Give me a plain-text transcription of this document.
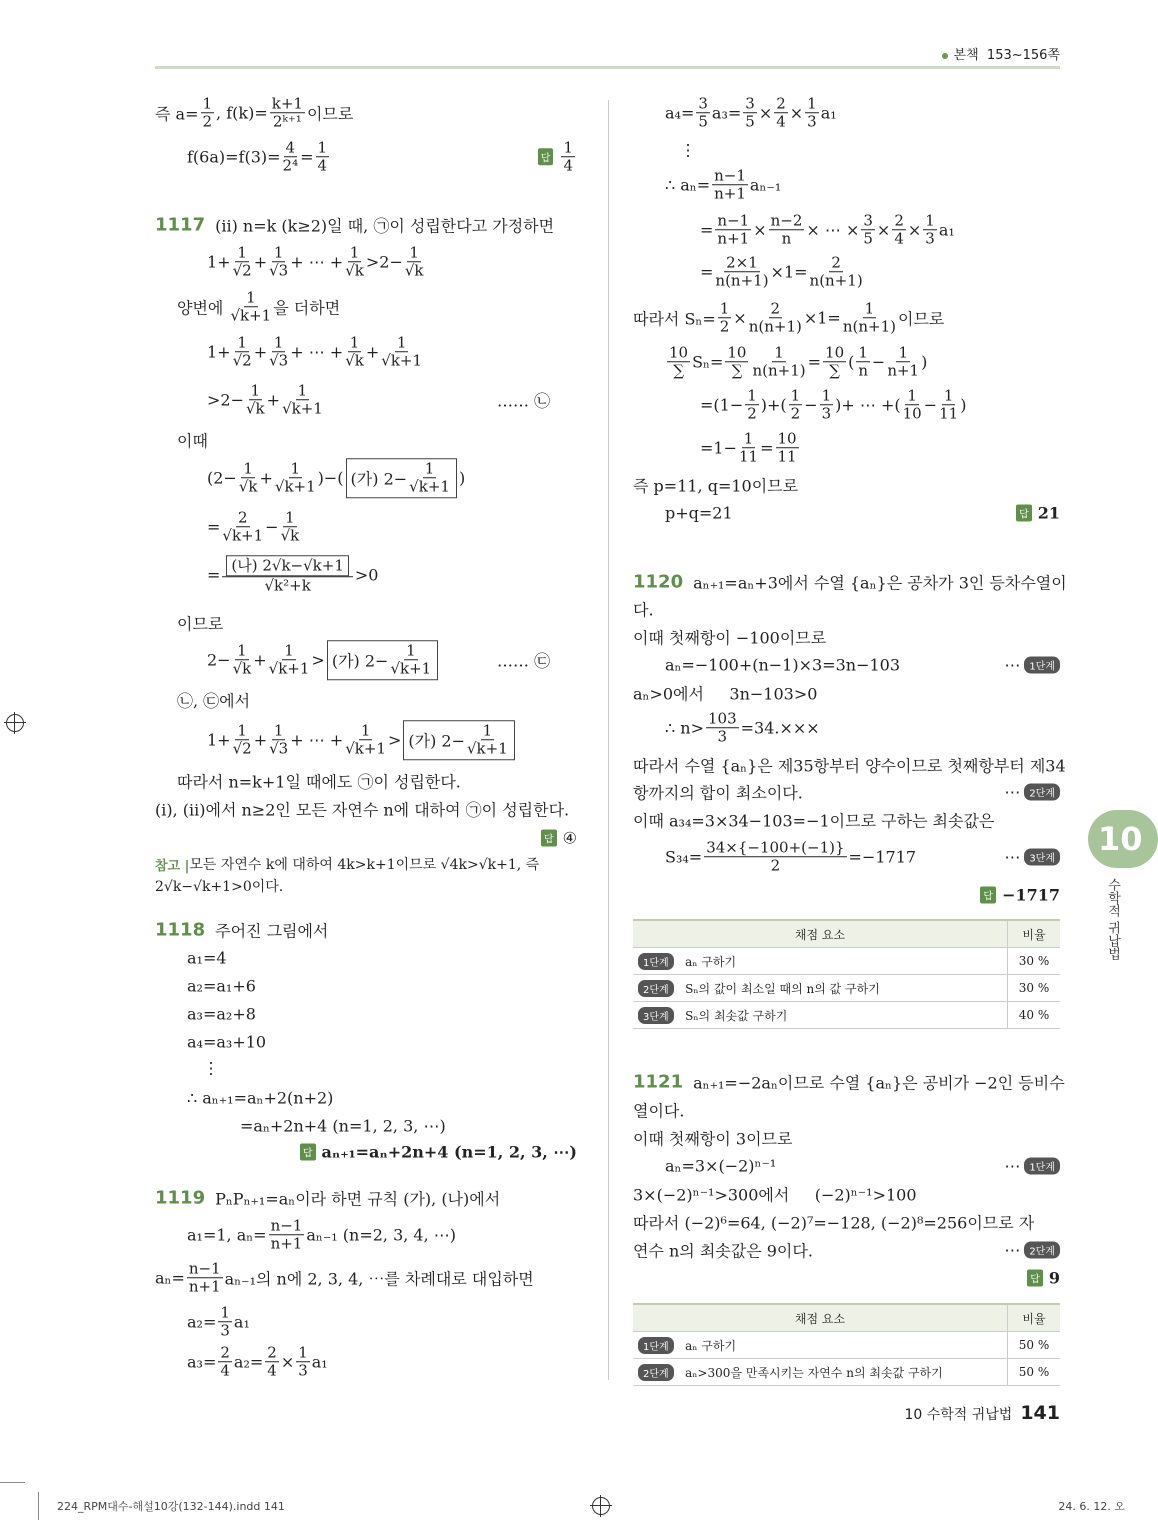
본책 153~156쪽
즉 $a= \frac{1}{2}$ , $f(k)= \frac{k+1}{\text{2ᵏ⁺¹}}$ 이므로
$f(6a)=f(3)= \frac{4}{\text{2⁴}} = \frac{1}{4}$	답 $\frac{1}{4}$
1117 (ii) n=k (k≥2)일 때, ㉠이 성립한다고 가정하면
$1+ \frac{1}{√2} + \frac{1}{√3}$ + ⋯ + $\frac{1}{√k} >2- \frac{1}{√k}$
양변에 $\frac{1}{√k+1}$ 을 더하면
$1+ \frac{1}{√2} + \frac{1}{√3}$ + ⋯ + $\frac{1}{√k} + \frac{1}{√k+1}$
$>2- \frac{1}{√k} + \frac{1}{√k+1}$	…… ㉡
이때
($2- \frac{1}{√k} + \frac{1}{√k+1}$ )−( (가) $2- \frac{1}{√k+1}$ )
= $\frac{2}{√k+1} - \frac{1}{√k}$
= $\frac{\text{(나) 2√k−√k+1}}{\text{√k²+k}} >0$
이므로
$2- \frac{1}{√k} + \frac{1}{√k+1}$ > (가) $2- \frac{1}{√k+1}$	…… ㉢
㉡, ㉢에서
$1+ \frac{1}{√2} + \frac{1}{√3}$ + ⋯ + $\frac{1}{√k+1}$ > (가) $2- \frac{1}{√k+1}$
따라서 n=k+1일 때에도 ㉠이 성립한다.
(i), (ii)에서 n≥2인 모든 자연수 n에 대하여 ㉠이 성립한다.
답 ④
참고 | 모든 자연수 k에 대하여 4k>k+1이므로 √4k>√k+1, 즉
2√k−√k+1>0이다.
1118 주어진 그림에서
a₁=4
a₂=a₁+6
a₃=a₂+8
a₄=a₃+10
⋮
∴ aₙ₊₁=aₙ+2(n+2)
=aₙ+2n+4 (n=1, 2, 3, ⋯)
답 aₙ₊₁=aₙ+2n+4 (n=1, 2, 3, ⋯)
1119 PₙPₙ₊₁=aₙ이라 하면 규칙 (가), (나)에서
a₁=1, $a_n= \frac{n-1}{n+1} a_{n-1}$ (n=2, 3, 4, ⋯)
$a_n= \frac{n-1}{n+1} a_{n-1}$의 n에 2, 3, 4, ⋯를 차례대로 대입하면
$a_2= \frac{1}{3} a_1$
$a_3= \frac{2}{4} a_2= \frac{2}{4} \times \frac{1}{3} a_1$
$a_4= \frac{3}{5} a_3= \frac{3}{5} \times \frac{2}{4} \times \frac{1}{3} a_1$
⋮
∴ $a_n= \frac{n-1}{n+1} a_{n-1}$
= $\frac{n-1}{n+1} \times \frac{n-2}{n}$ × ⋯ × $\frac{3}{5} \times \frac{2}{4} \times \frac{1}{3} a_1$
= $\frac{2\times 1}{n(n+1)} \times 1= \frac{2}{n(n+1)}$
따라서 $S_n= \frac{1}{2} \times \frac{2}{n(n+1)} \times 1= \frac{1}{n(n+1)}$ 이므로
$\frac{10}{\sum} S_n= \frac{10}{\sum} \frac{1}{n(n+1)} = \frac{10}{\sum}$ ( $\frac{1}{n} - \frac{1}{n+1}$ )
$=(1- \frac{1}{2}$ )+( $\frac{1}{2} - \frac{1}{3}$ )+ ⋯ +( $\frac{1}{10} - \frac{1}{11}$ )
$=1- \frac{1}{11} = \frac{10}{11}$
즉 p=11, q=10이므로
p+q=21	답 21
1120 aₙ₊₁=aₙ+3에서 수열 {aₙ}은 공차가 3인 등차수열이
다.
이때 첫째항이 −100이므로
aₙ=−100+(n−1)×3=3n−103	⋯ 1단계
aₙ>0에서     3n−103>0
∴ $n> \frac{103}{3} =34.\times\times\times$
따라서 수열 {aₙ}은 제35항부터 양수이므로 첫째항부터 제34
항까지의 합이 최소이다.	⋯ 2단계
이때 a₃₄=3×34−103=−1이므로 구하는 최솟값은
$S_{34}= \frac{34\times\{-100+(-1)\}}{2} =-1717$	⋯ 3단계
답 −1717
채점 요소	비율
1단계 aₙ 구하기	30 %
2단계 Sₙ의 값이 최소일 때의 n의 값 구하기	30 %
3단계 Sₙ의 최솟값 구하기	40 %
1121 aₙ₊₁=−2aₙ이므로 수열 {aₙ}은 공비가 −2인 등비수
열이다.
이때 첫째항이 3이므로
aₙ=3×(−2)ⁿ⁻¹	⋯ 1단계
3×(−2)ⁿ⁻¹>300에서     (−2)ⁿ⁻¹>100
따라서 (−2)⁶=64, (−2)⁷=−128, (−2)⁸=256이므로 자
연수 n의 최솟값은 9이다.	⋯ 2단계
답 9
채점 요소	비율
1단계 aₙ 구하기	50 %
2단계 aₙ>300을 만족시키는 자연수 n의 최솟값 구하기	50 %
10
수학적 귀납법
10 수학적 귀납법 141
224_RPM대수-해설10강(132-144).indd 141	24. 6. 12. 오
